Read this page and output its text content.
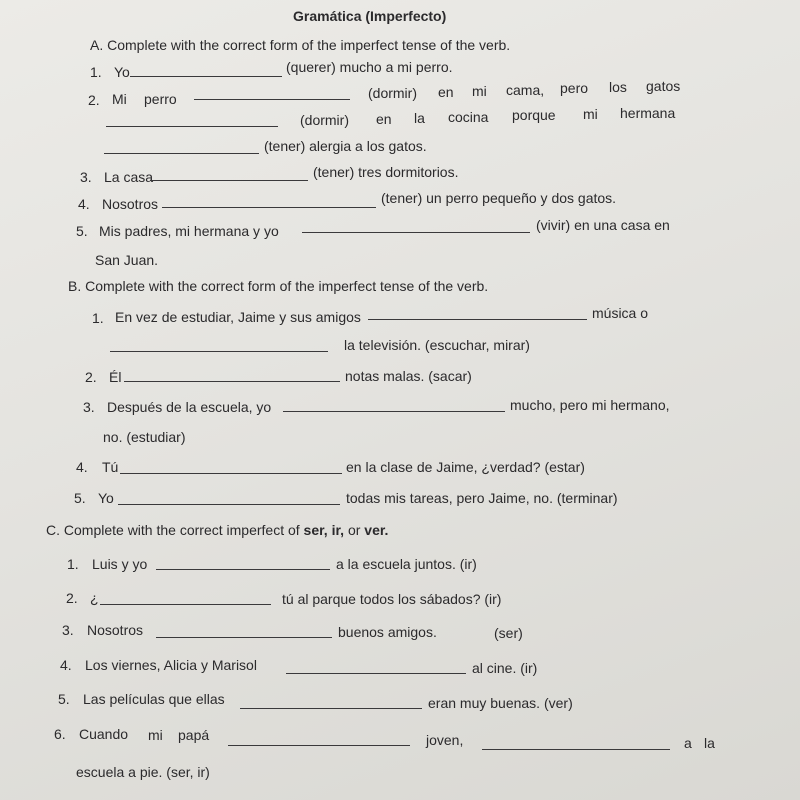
Gramática (Imperfecto)
A. Complete with the correct form of the imperfect tense of the verb.
1. Yo	(querer) mucho a mi perro.
2. Mi perro	(dormir) en mi cama, pero los gatos
(dormir) en la cocina porque mi hermana
(tener) alergia a los gatos.
3. La casa	(tener) tres dormitorios.
4. Nosotros	(tener) un perro pequeño y dos gatos.
5. Mis padres, mi hermana y yo	(vivir) en una casa en
San Juan.
B. Complete with the correct form of the imperfect tense of the verb.
1. En vez de estudiar, Jaime y sus amigos	música o
la televisión. (escuchar, mirar)
2. Él	notas malas. (sacar)
3. Después de la escuela, yo	mucho, pero mi hermano,
no. (estudiar)
4. Tú	en la clase de Jaime, ¿verdad? (estar)
5. Yo	todas mis tareas, pero Jaime, no. (terminar)
C. Complete with the correct imperfect of ser, ir, or ver.
1. Luis y yo	a la escuela juntos. (ir)
2. ¿	tú al parque todos los sábados? (ir)
3. Nosotros	buenos amigos.	(ser)
4. Los viernes, Alicia y Marisol	al cine. (ir)
5. Las películas que ellas	eran muy buenas. (ver)
6. Cuando mi papá	joven,	a la
escuela a pie. (ser, ir)
